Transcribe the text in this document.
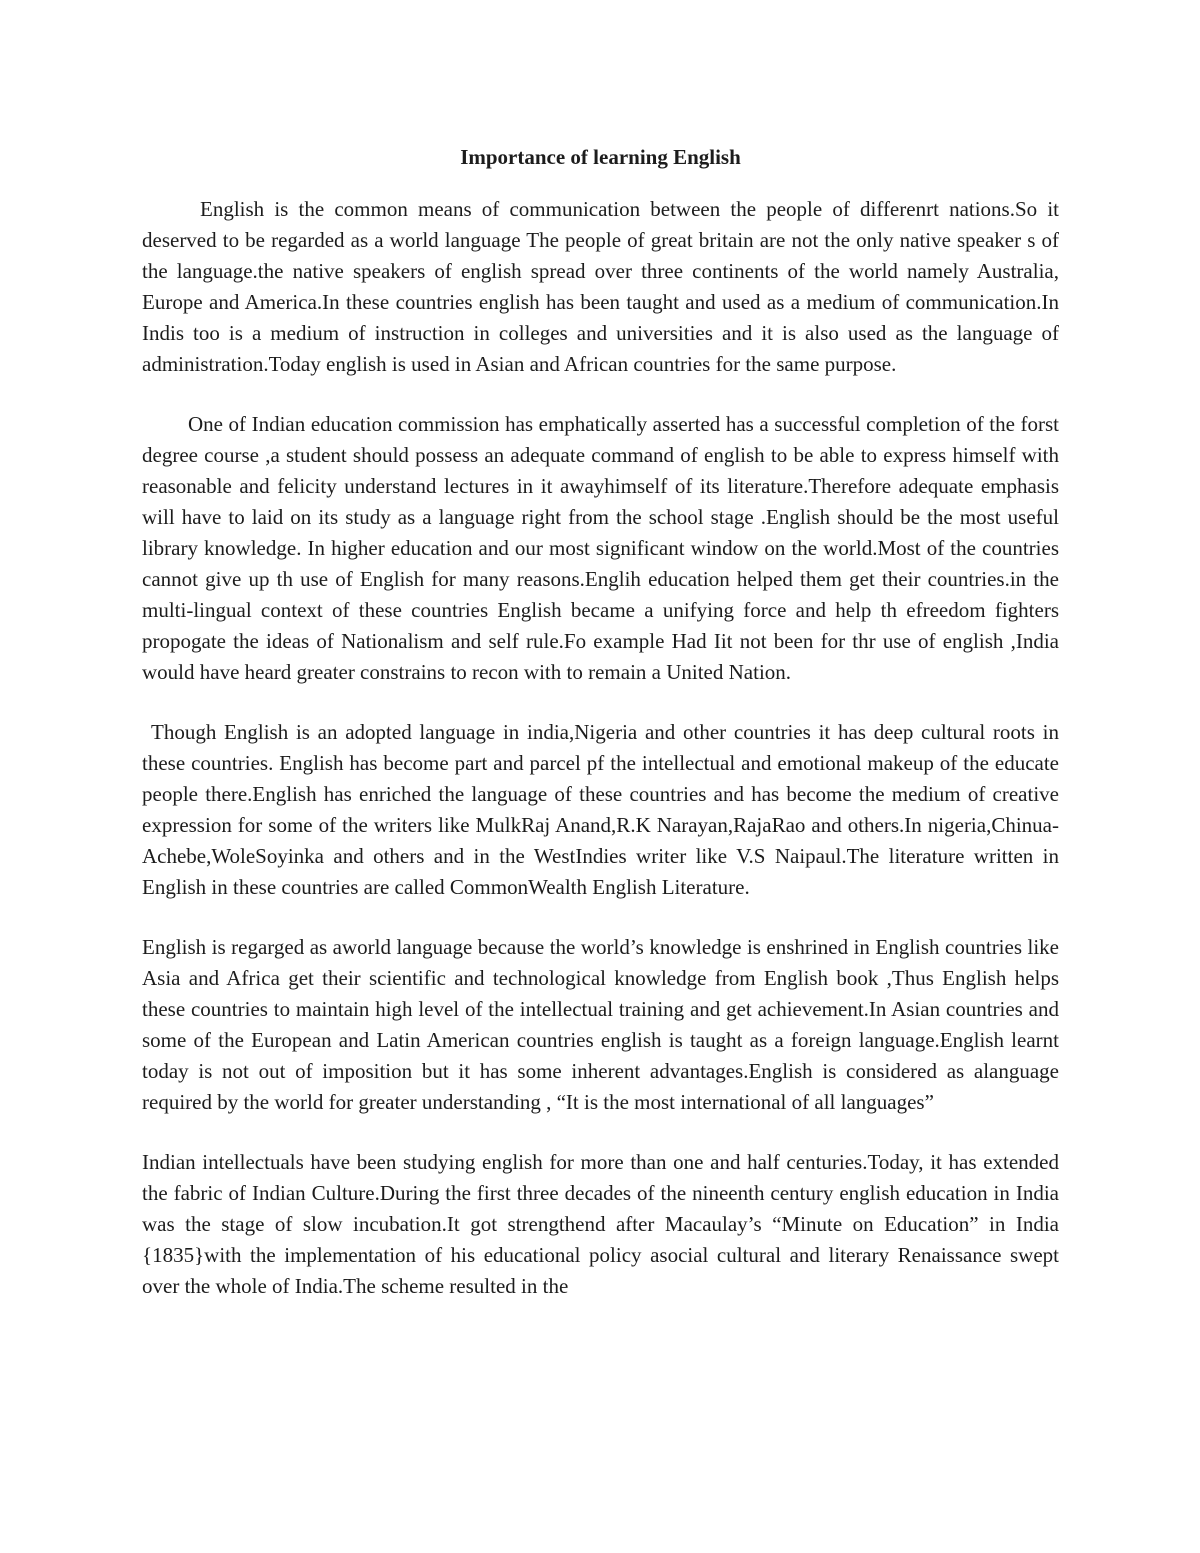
Importance of learning English

English is the common means of communication between the people of differenrt nations.So it deserved to be regarded as a world language The people of great britain are not the only native speaker s of the language.the native speakers of english spread over three continents of the world namely Australia, Europe and America.In these countries english has been taught and used as a medium of communication.In Indis too is a medium of instruction in colleges and universities and it is also used as the language of administration.Today english is used in Asian and African countries for the same purpose.

One of Indian education commission has emphatically asserted has a successful completion of the forst degree course ,a student should possess an adequate command of english to be able to express himself with reasonable and felicity understand lectures in it awayhimself of its literature.Therefore adequate emphasis will have to laid on its study as a language right from the school stage .English should be the most useful library knowledge. In higher education and our most significant window on the world.Most of the countries cannot give up th use of English for many reasons.Englih education helped them get their countries.in the multi-lingual context of these countries English became a unifying force and help th efreedom fighters propogate the ideas of Nationalism and self rule.Fo example Had Iit not been for thr use of english ,India would have heard greater constrains to recon with to remain a United Nation.

Though English is an adopted language in india,Nigeria and other countries it has deep cultural roots in these countries. English has become part and parcel pf the intellectual and emotional makeup of the educate people there.English has enriched the language of these countries and has become the medium of creative expression for some of the writers like MulkRaj Anand,R.K Narayan,RajaRao and others.In nigeria,Chinua-Achebe,WoleSoyinka and others and in the WestIndies writer like V.S Naipaul.The literature written in English in these countries are called CommonWealth English Literature.

English is regarged as aworld language because the world’s knowledge is enshrined in English countries like Asia and Africa get their scientific and technological knowledge from English book ,Thus English helps these countries to maintain high level of the intellectual training and get achievement.In Asian countries and some of the European and Latin American countries english is taught as a foreign language.English learnt today is not out of imposition but it has some inherent advantages.English is considered as alanguage required by the world for greater understanding , “It is the most international of all languages”

Indian intellectuals have been studying english for more than one and half centuries.Today, it has extended the fabric of Indian Culture.During the first three decades of the nineenth century english education in India was the stage of slow incubation.It got strengthend after Macaulay’s “Minute on Education” in India {1835}with the implementation of his educational policy asocial cultural and literary Renaissance swept over the whole of India.The scheme resulted in the
